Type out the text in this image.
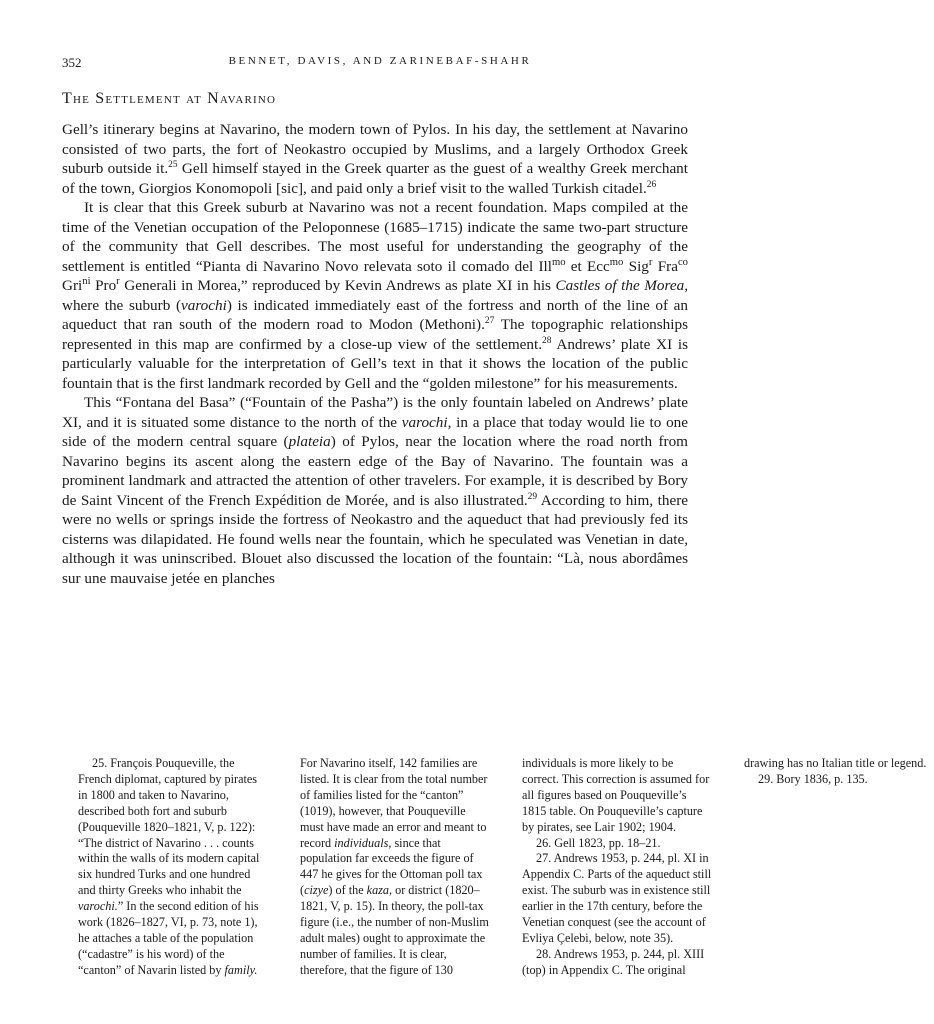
352	BENNET, DAVIS, AND ZARINEBAF-SHAHR
The Settlement at Navarino

Gell’s itinerary begins at Navarino, the modern town of Pylos. In his day, the settlement at Navarino consisted of two parts, the fort of Neokastro occupied by Muslims, and a largely Orthodox Greek suburb outside it.$^{25}$ Gell himself stayed in the Greek quarter as the guest of a wealthy Greek merchant of the town, Giorgios Konomopoli [sic], and paid only a brief visit to the walled Turkish citadel.$^{26}$

It is clear that this Greek suburb at Navarino was not a recent foundation. Maps compiled at the time of the Venetian occupation of the Peloponnese (1685–1715) indicate the same two-part structure of the community that Gell describes. The most useful for understanding the geography of the settlement is entitled “Pianta di Navarino Novo relevata soto il comado del Ill$^{mo}$ et Ecc$^{mo}$ Sig$^r$ Fra$^{co}$ Gri$^{ni}$ Pro$^r$ Generali in Morea,” reproduced by Kevin Andrews as plate XI in his Castles of the Morea, where the suburb (varochi) is indicated immediately east of the fortress and north of the line of an aqueduct that ran south of the modern road to Modon (Methoni).$^{27}$ The topographic relationships represented in this map are confirmed by a close-up view of the settlement.$^{28}$ Andrews’ plate XI is particularly valuable for the interpretation of Gell’s text in that it shows the location of the public fountain that is the first landmark recorded by Gell and the “golden milestone” for his measurements.

This “Fontana del Basa” (“Fountain of the Pasha”) is the only fountain labeled on Andrews’ plate XI, and it is situated some distance to the north of the varochi, in a place that today would lie to one side of the modern central square (plateia) of Pylos, near the location where the road north from Navarino begins its ascent along the eastern edge of the Bay of Navarino. The fountain was a prominent landmark and attracted the attention of other travelers. For example, it is described by Bory de Saint Vincent of the French Expédition de Morée, and is also illustrated.$^{29}$ According to him, there were no wells or springs inside the fortress of Neokastro and the aqueduct that had previously fed its cisterns was dilapidated. He found wells near the fountain, which he speculated was Venetian in date, although it was uninscribed. Blouet also discussed the location of the fountain: “Là, nous abordâmes sur une mauvaise jetée en planches

25. François Pouqueville, the French diplomat, captured by pirates in 1800 and taken to Navarino, described both fort and suburb (Pouqueville 1820–1821, V, p. 122): “The district of Navarino . . . counts within the walls of its modern capital six hundred Turks and one hundred and thirty Greeks who inhabit the varochi.” In the second edition of his work (1826–1827, VI, p. 73, note 1), he attaches a table of the population (“cadastre” is his word) of the “canton” of Navarin listed by family. For Navarino itself, 142 families are listed. It is clear from the total number of families listed for the “canton” (1019), however, that Pouqueville must have made an error and meant to record individuals, since that population far exceeds the figure of 447 he gives for the Ottoman poll tax (cizye) of the kaza, or district (1820–1821, V, p. 15). In theory, the poll-tax figure (i.e., the number of non-Muslim adult males) ought to approximate the number of families. It is clear, therefore, that the figure of 130 individuals is more likely to be correct. This correction is assumed for all figures based on Pouqueville’s 1815 table. On Pouqueville’s capture by pirates, see Lair 1902; 1904.

26. Gell 1823, pp. 18–21.

27. Andrews 1953, p. 244, pl. XI in Appendix C. Parts of the aqueduct still exist. The suburb was in existence still earlier in the 17th century, before the Venetian conquest (see the account of Evliya Çelebi, below, note 35).

28. Andrews 1953, p. 244, pl. XIII (top) in Appendix C. The original drawing has no Italian title or legend.

29. Bory 1836, p. 135.
